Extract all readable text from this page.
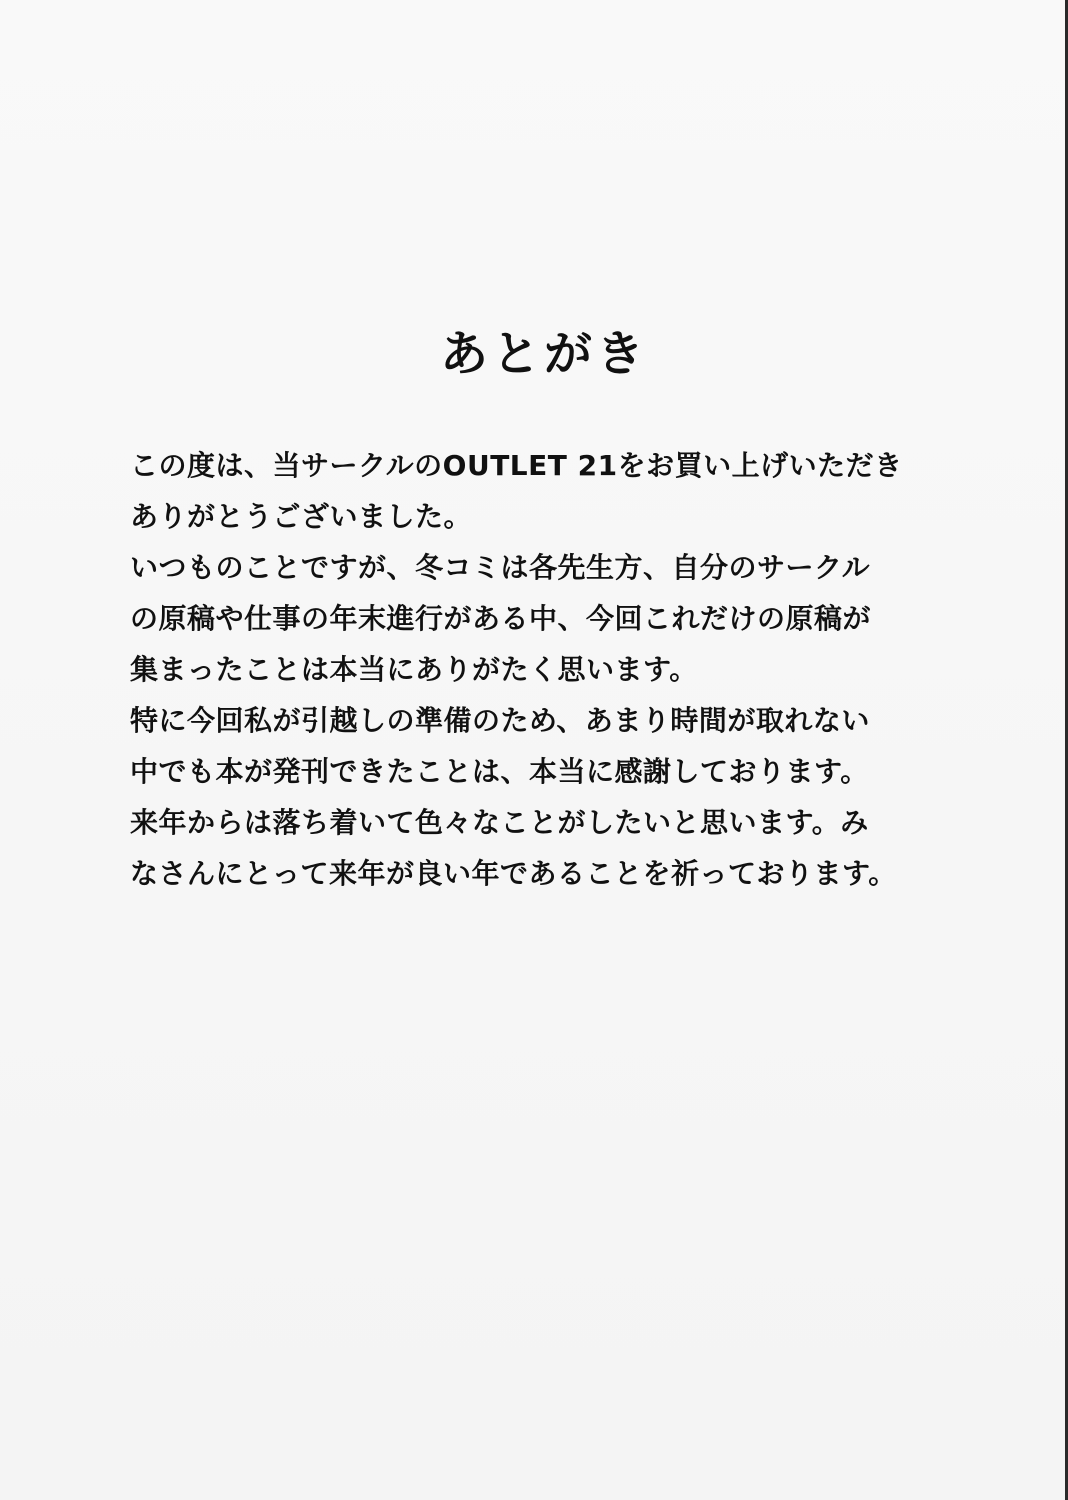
あとがき
この度は、当サークルのOUTLET 21をお買い上げいただき
ありがとうございました。
いつものことですが、冬コミは各先生方、自分のサークル
の原稿や仕事の年末進行がある中、今回これだけの原稿が
集まったことは本当にありがたく思います。
特に今回私が引越しの準備のため、あまり時間が取れない
中でも本が発刊できたことは、本当に感謝しております。
来年からは落ち着いて色々なことがしたいと思います。み
なさんにとって来年が良い年であることを祈っております。
